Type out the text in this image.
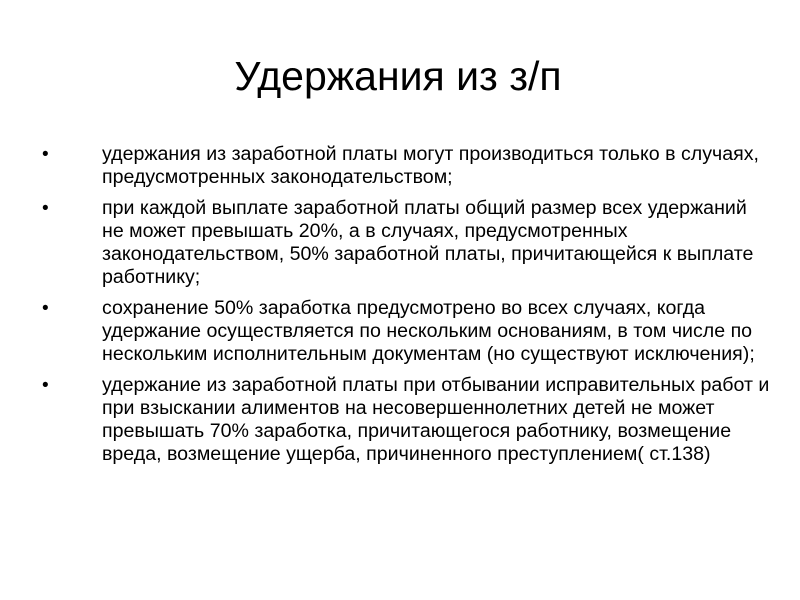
Удержания из з/п
•	удержания из заработной платы могут производиться только в случаях, предусмотренных законодательством;
•	при каждой выплате заработной платы общий размер всех удержаний не может превышать 20%, а в случаях, предусмотренных законодательством, 50% заработной платы, причитающейся к выплате работнику;
•	сохранение 50% заработка предусмотрено во всех случаях, когда удержание осуществляется по нескольким основаниям, в том числе по нескольким исполнительным документам (но существуют исключения);
•	удержание из заработной платы при отбывании исправительных работ и при взыскании алиментов на несовершеннолетних детей не может превышать 70% заработка, причитающегося работнику, возмещение вреда, возмещение ущерба, причиненного преступлением( ст.138)
